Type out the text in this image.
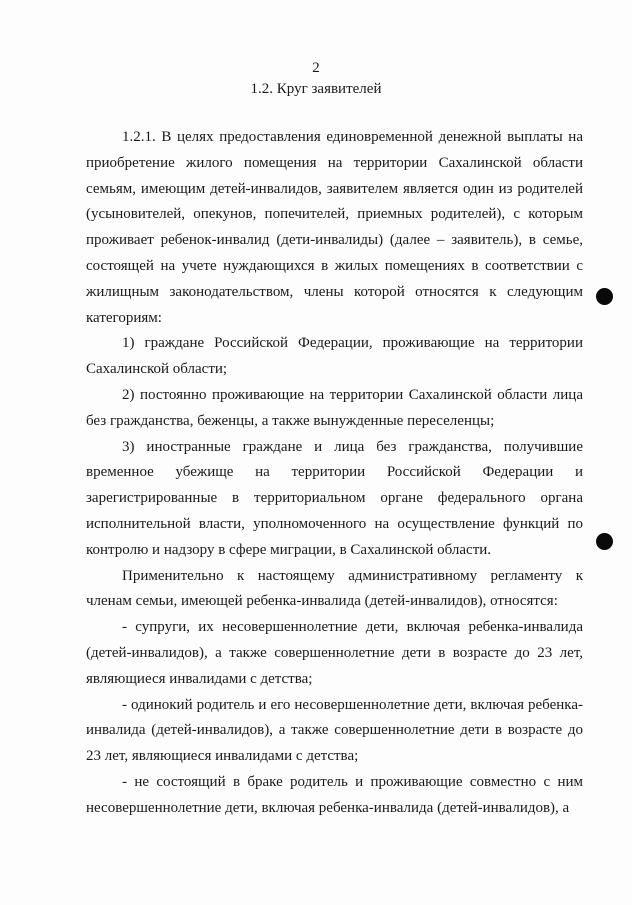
2
1.2. Круг заявителей

1.2.1. В целях предоставления единовременной денежной выплаты на приобретение жилого помещения на территории Сахалинской области семьям, имеющим детей-инвалидов, заявителем является один из родителей (усыновителей, опекунов, попечителей, приемных родителей), с которым проживает ребенок-инвалид (дети-инвалиды) (далее – заявитель), в семье, состоящей на учете нуждающихся в жилых помещениях в соответствии с жилищным законодательством, члены которой относятся к следующим категориям:

1) граждане Российской Федерации, проживающие на территории Сахалинской области;

2) постоянно проживающие на территории Сахалинской области лица без гражданства, беженцы, а также вынужденные переселенцы;

3) иностранные граждане и лица без гражданства, получившие временное убежище на территории Российской Федерации и зарегистрированные в территориальном органе федерального органа исполнительной власти, уполномоченного на осуществление функций по контролю и надзору в сфере миграции, в Сахалинской области.

Применительно к настоящему административному регламенту к членам семьи, имеющей ребенка-инвалида (детей-инвалидов), относятся:

- супруги, их несовершеннолетние дети, включая ребенка-инвалида (детей-инвалидов), а также совершеннолетние дети в возрасте до 23 лет, являющиеся инвалидами с детства;

- одинокий родитель и его несовершеннолетние дети, включая ребенка-инвалида (детей-инвалидов), а также совершеннолетние дети в возрасте до 23 лет, являющиеся инвалидами с детства;

- не состоящий в браке родитель и проживающие совместно с ним несовершеннолетние дети, включая ребенка-инвалида (детей-инвалидов), а
